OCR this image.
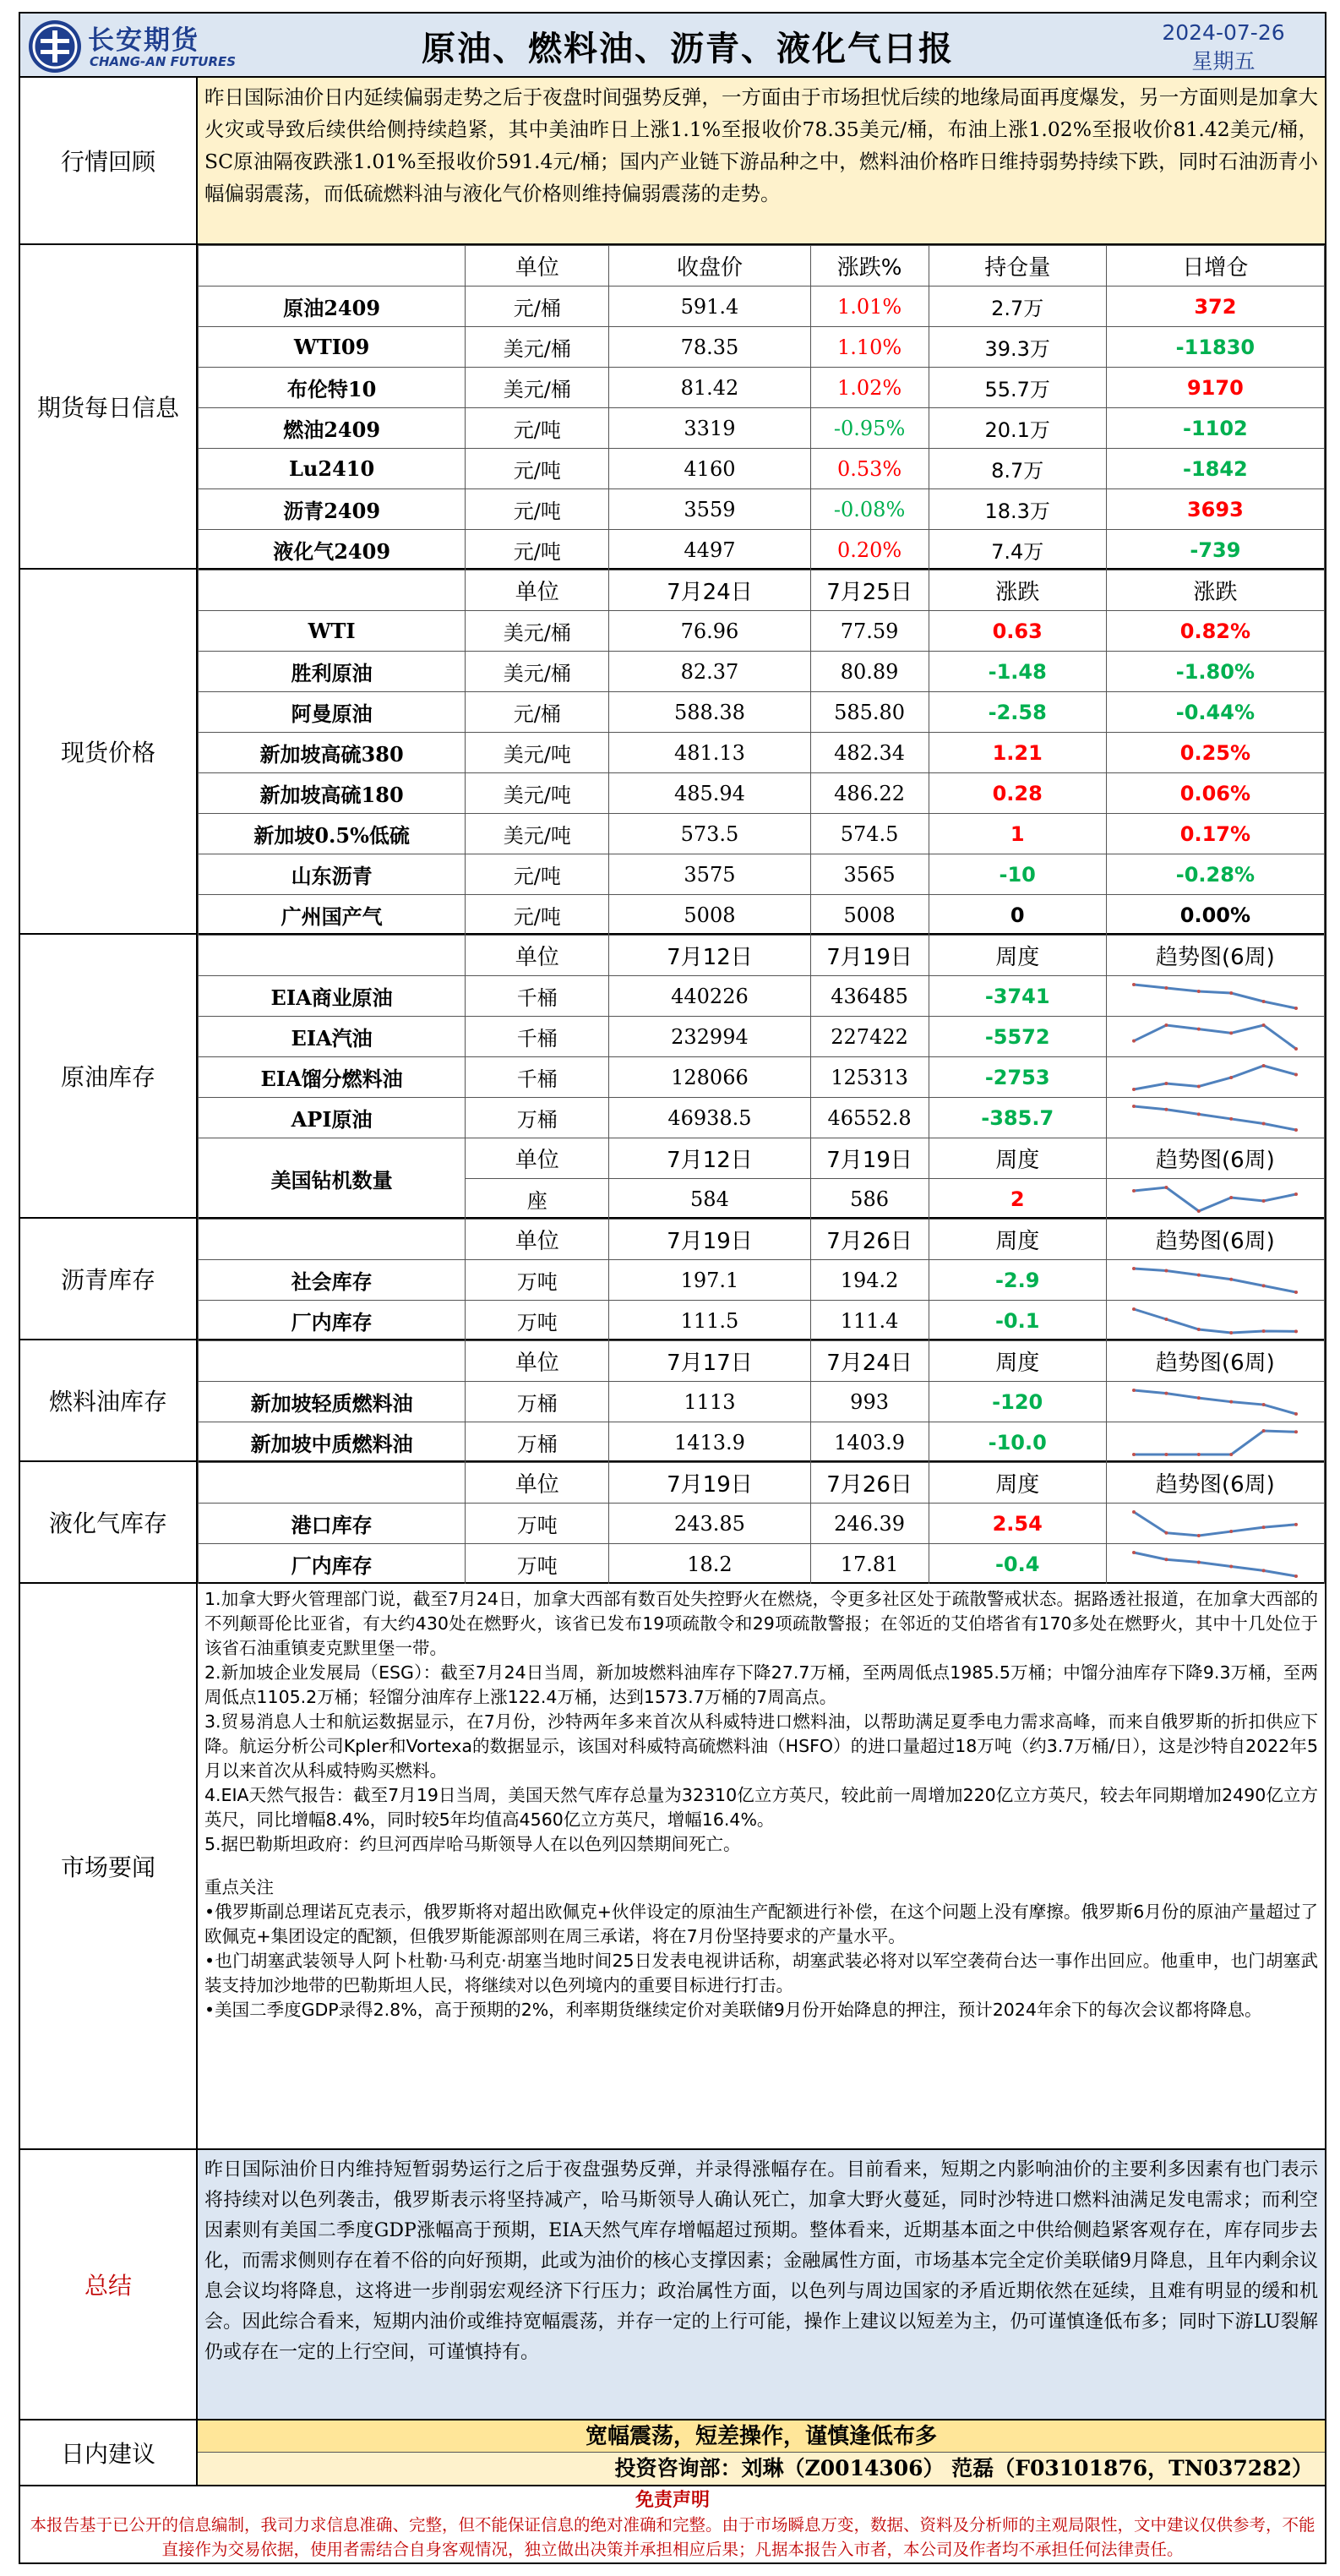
长安期货
CHANG-AN FUTURES	原油、燃料油、沥青、液化气日报	2024-07-26
星期五
行情回顾
昨日国际油价日内延续偏弱走势之后于夜盘时间强势反弹，一方面由于市场担忧后续的地缘局面再度爆发，另一方面则是加拿大火灾或导致后续供给侧持续趋紧，其中美油昨日上涨1.1%至报收价78.35美元/桶，布油上涨1.02%至报收价81.42美元/桶，SC原油隔夜跌涨1.01%至报收价591.4元/桶；国内产业链下游品种之中，燃料油价格昨日维持弱势持续下跌，同时石油沥青小幅偏弱震荡，而低硫燃料油与液化气价格则维持偏弱震荡的走势。
期货每日信息
	单位	收盘价	涨跌%	持仓量	日增仓
原油2409	元/桶	591.4	1.01%	2.7万	372
WTI09	美元/桶	78.35	1.10%	39.3万	-11830
布伦特10	美元/桶	81.42	1.02%	55.7万	9170
燃油2409	元/吨	3319	-0.95%	20.1万	-1102
Lu2410	元/吨	4160	0.53%	8.7万	-1842
沥青2409	元/吨	3559	-0.08%	18.3万	3693
液化气2409	元/吨	4497	0.20%	7.4万	-739
现货价格
	单位	7月24日	7月25日	涨跌	涨跌
WTI	美元/桶	76.96	77.59	0.63	0.82%
胜利原油	美元/桶	82.37	80.89	-1.48	-1.80%
阿曼原油	元/桶	588.38	585.80	-2.58	-0.44%
新加坡高硫380	美元/吨	481.13	482.34	1.21	0.25%
新加坡高硫180	美元/吨	485.94	486.22	0.28	0.06%
新加坡0.5%低硫	美元/吨	573.5	574.5	1	0.17%
山东沥青	元/吨	3575	3565	-10	-0.28%
广州国产气	元/吨	5008	5008	0	0.00%
原油库存
	单位	7月12日	7月19日	周度	趋势图(6周)
EIA商业原油	千桶	440226	436485	-3741	

EIA汽油	千桶	232994	227422	-5572	

EIA馏分燃料油	千桶	128066	125313	-2753	

API原油	万桶	46938.5	46552.8	-385.7	

美国钻机数量	单位	7月12日	7月19日	周度	趋势图(6周)
	座	584	586	2	
沥青库存
	单位	7月19日	7月26日	周度	趋势图(6周)
社会库存	万吨	197.1	194.2	-2.9	

厂内库存	万吨	111.5	111.4	-0.1	
燃料油库存
	单位	7月17日	7月24日	周度	趋势图(6周)
新加坡轻质燃料油	万桶	1113	993	-120	

新加坡中质燃料油	万桶	1413.9	1403.9	-10.0	
液化气库存
	单位	7月19日	7月26日	周度	趋势图(6周)
港口库存	万吨	243.85	246.39	2.54	

厂内库存	万吨	18.2	17.81	-0.4	
市场要闻
1.加拿大野火管理部门说，截至7月24日，加拿大西部有数百处失控野火在燃烧，令更多社区处于疏散警戒状态。据路透社报道，在加拿大西部的不列颠哥伦比亚省，有大约430处在燃野火，该省已发布19项疏散令和29项疏散警报；在邻近的艾伯塔省有170多处在燃野火，其中十几处位于该省石油重镇麦克默里堡一带。
2.新加坡企业发展局（ESG）：截至7月24日当周，新加坡燃料油库存下降27.7万桶，至两周低点1985.5万桶；中馏分油库存下降9.3万桶，至两周低点1105.2万桶；轻馏分油库存上涨122.4万桶，达到1573.7万桶的7周高点。
3.贸易消息人士和航运数据显示，在7月份，沙特两年多来首次从科威特进口燃料油，以帮助满足夏季电力需求高峰，而来自俄罗斯的折扣供应下降。航运分析公司Kpler和Vortexa的数据显示，该国对科威特高硫燃料油（HSFO）的进口量超过18万吨（约3.7万桶/日），这是沙特自2022年5月以来首次从科威特购买燃料。
4.EIA天然气报告：截至7月19日当周，美国天然气库存总量为32310亿立方英尺，较此前一周增加220亿立方英尺，较去年同期增加2490亿立方英尺，同比增幅8.4%，同时较5年均值高4560亿立方英尺，增幅16.4%。
5.据巴勒斯坦政府：约旦河西岸哈马斯领导人在以色列囚禁期间死亡。
重点关注
•俄罗斯副总理诺瓦克表示，俄罗斯将对超出欧佩克+伙伴设定的原油生产配额进行补偿，在这个问题上没有摩擦。俄罗斯6月份的原油产量超过了欧佩克+集团设定的配额，但俄罗斯能源部则在周三承诺，将在7月份坚持要求的产量水平。
•也门胡塞武装领导人阿卜杜勒·马利克·胡塞当地时间25日发表电视讲话称，胡塞武装必将对以军空袭荷台达一事作出回应。他重申，也门胡塞武装支持加沙地带的巴勒斯坦人民，将继续对以色列境内的重要目标进行打击。
•美国二季度GDP录得2.8%，高于预期的2%，利率期货继续定价对美联储9月份开始降息的押注，预计2024年余下的每次会议都将降息。
总结
昨日国际油价日内维持短暂弱势运行之后于夜盘强势反弹，并录得涨幅存在。目前看来，短期之内影响油价的主要利多因素有也门表示将持续对以色列袭击，俄罗斯表示将坚持减产，哈马斯领导人确认死亡，加拿大野火蔓延，同时沙特进口燃料油满足发电需求；而利空因素则有美国二季度GDP涨幅高于预期，EIA天然气库存增幅超过预期。整体看来，近期基本面之中供给侧趋紧客观存在，库存同步去化，而需求侧则存在着不俗的向好预期，此或为油价的核心支撑因素；金融属性方面，市场基本完全定价美联储9月降息，且年内剩余议息会议均将降息，这将进一步削弱宏观经济下行压力；政治属性方面，以色列与周边国家的矛盾近期依然在延续，且难有明显的缓和机会。因此综合看来，短期内油价或维持宽幅震荡，并存一定的上行可能，操作上建议以短差为主，仍可谨慎逢低布多；同时下游LU裂解仍或存在一定的上行空间，可谨慎持有。
日内建议
宽幅震荡，短差操作，谨慎逢低布多
投资咨询部：刘琳（Z0014306） 范磊（F03101876，TN037282）
免责声明
本报告基于已公开的信息编制，我司力求信息准确、完整，但不能保证信息的绝对准确和完整。由于市场瞬息万变，数据、资料及分析师的主观局限性，文中建议仅供参考，不能直接作为交易依据，使用者需结合自身客观情况，独立做出决策并承担相应后果；凡据本报告入市者，本公司及作者均不承担任何法律责任。
